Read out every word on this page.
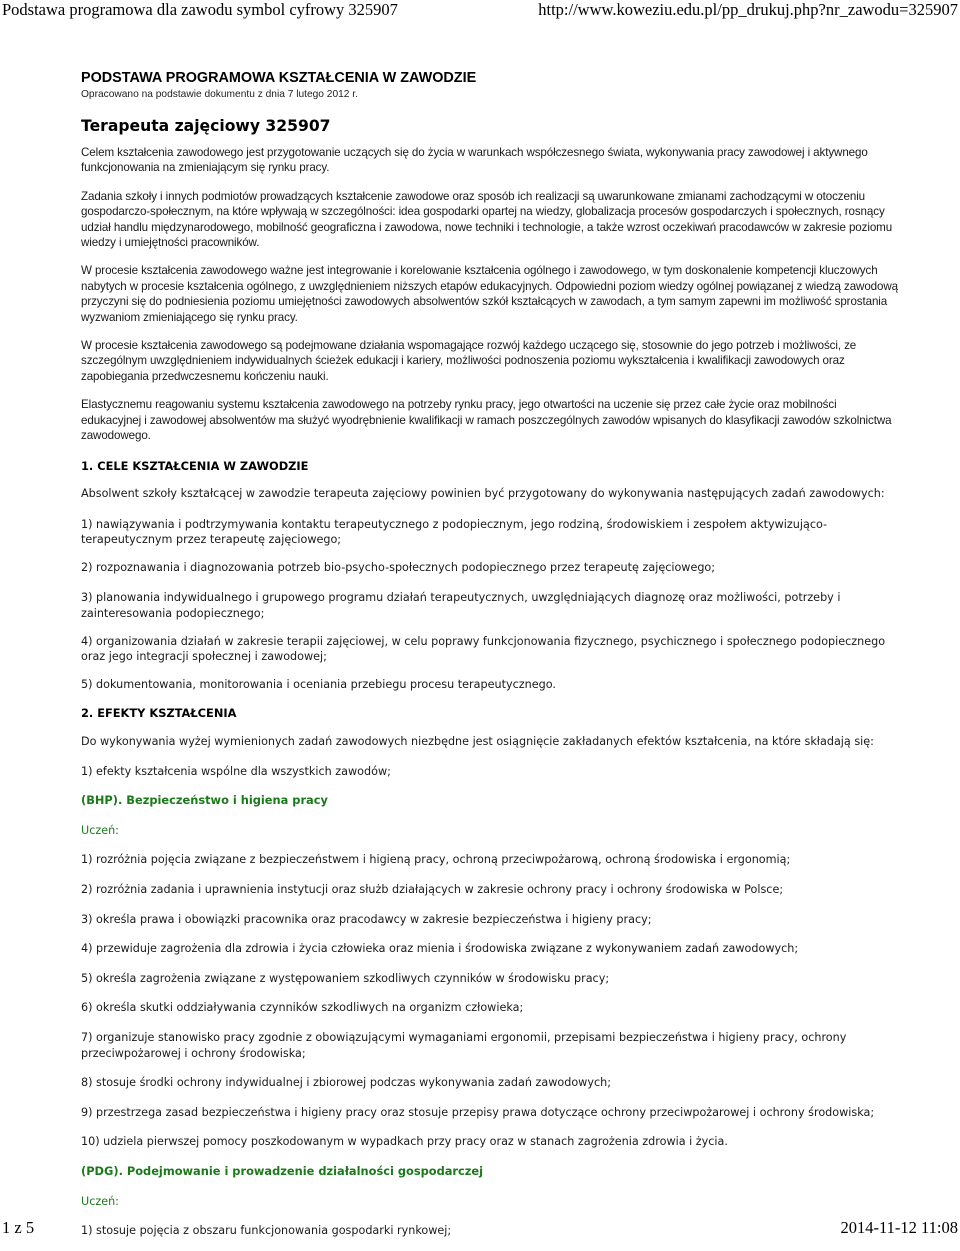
Podstawa programowa dla zawodu symbol cyfrowy 325907	http://www.koweziu.edu.pl/pp_drukuj.php?nr_zawodu=325907
PODSTAWA PROGRAMOWA KSZTAŁCENIA W ZAWODZIE
Opracowano na podstawie dokumentu z dnia 7 lutego 2012 r.
Terapeuta zajęciowy 325907

Celem kształcenia zawodowego jest przygotowanie uczących się do życia w warunkach współczesnego świata, wykonywania pracy zawodowej i aktywnego funkcjonowania na zmieniającym się rynku pracy.

Zadania szkoły i innych podmiotów prowadzących kształcenie zawodowe oraz sposób ich realizacji są uwarunkowane zmianami zachodzącymi w otoczeniu gospodarczo-społecznym, na które wpływają w szczególności: idea gospodarki opartej na wiedzy, globalizacja procesów gospodarczych i społecznych, rosnący udział handlu międzynarodowego, mobilność geograficzna i zawodowa, nowe techniki i technologie, a także wzrost oczekiwań pracodawców w zakresie poziomu wiedzy i umiejętności pracowników.

W procesie kształcenia zawodowego ważne jest integrowanie i korelowanie kształcenia ogólnego i zawodowego, w tym doskonalenie kompetencji kluczowych nabytych w procesie kształcenia ogólnego, z uwzględnieniem niższych etapów edukacyjnych. Odpowiedni poziom wiedzy ogólnej powiązanej z wiedzą zawodową przyczyni się do podniesienia poziomu umiejętności zawodowych absolwentów szkół kształcących w zawodach, a tym samym zapewni im możliwość sprostania wyzwaniom zmieniającego się rynku pracy.

W procesie kształcenia zawodowego są podejmowane działania wspomagające rozwój każdego uczącego się, stosownie do jego potrzeb i możliwości, ze szczególnym uwzględnieniem indywidualnych ścieżek edukacji i kariery, możliwości podnoszenia poziomu wykształcenia i kwalifikacji zawodowych oraz zapobiegania przedwczesnemu kończeniu nauki.

Elastycznemu reagowaniu systemu kształcenia zawodowego na potrzeby rynku pracy, jego otwartości na uczenie się przez całe życie oraz mobilności edukacyjnej i zawodowej absolwentów ma służyć wyodrębnienie kwalifikacji w ramach poszczególnych zawodów wpisanych do klasyfikacji zawodów szkolnictwa zawodowego.

1. CELE KSZTAŁCENIA W ZAWODZIE

Absolwent szkoły kształcącej w zawodzie terapeuta zajęciowy powinien być przygotowany do wykonywania następujących zadań zawodowych:

1) nawiązywania i podtrzymywania kontaktu terapeutycznego z podopiecznym, jego rodziną, środowiskiem i zespołem aktywizująco-terapeutycznym przez terapeutę zajęciowego;

2) rozpoznawania i diagnozowania potrzeb bio-psycho-społecznych podopiecznego przez terapeutę zajęciowego;

3) planowania indywidualnego i grupowego programu działań terapeutycznych, uwzględniających diagnozę oraz możliwości, potrzeby i zainteresowania podopiecznego;

4) organizowania działań w zakresie terapii zajęciowej, w celu poprawy funkcjonowania fizycznego, psychicznego i społecznego podopiecznego oraz jego integracji społecznej i zawodowej;

5) dokumentowania, monitorowania i oceniania przebiegu procesu terapeutycznego.

2. EFEKTY KSZTAŁCENIA

Do wykonywania wyżej wymienionych zadań zawodowych niezbędne jest osiągnięcie zakładanych efektów kształcenia, na które składają się:

1) efekty kształcenia wspólne dla wszystkich zawodów;

(BHP). Bezpieczeństwo i higiena pracy

Uczeń:

1) rozróżnia pojęcia związane z bezpieczeństwem i higieną pracy, ochroną przeciwpożarową, ochroną środowiska i ergonomią;

2) rozróżnia zadania i uprawnienia instytucji oraz służb działających w zakresie ochrony pracy i ochrony środowiska w Polsce;

3) określa prawa i obowiązki pracownika oraz pracodawcy w zakresie bezpieczeństwa i higieny pracy;

4) przewiduje zagrożenia dla zdrowia i życia człowieka oraz mienia i środowiska związane z wykonywaniem zadań zawodowych;

5) określa zagrożenia związane z występowaniem szkodliwych czynników w środowisku pracy;

6) określa skutki oddziaływania czynników szkodliwych na organizm człowieka;

7) organizuje stanowisko pracy zgodnie z obowiązującymi wymaganiami ergonomii, przepisami bezpieczeństwa i higieny pracy, ochrony przeciwpożarowej i ochrony środowiska;

8) stosuje środki ochrony indywidualnej i zbiorowej podczas wykonywania zadań zawodowych;

9) przestrzega zasad bezpieczeństwa i higieny pracy oraz stosuje przepisy prawa dotyczące ochrony przeciwpożarowej i ochrony środowiska;

10) udziela pierwszej pomocy poszkodowanym w wypadkach przy pracy oraz w stanach zagrożenia zdrowia i życia.

(PDG). Podejmowanie i prowadzenie działalności gospodarczej

Uczeń:

1) stosuje pojęcia z obszaru funkcjonowania gospodarki rynkowej;

1 z 5	2014-11-12 11:08
